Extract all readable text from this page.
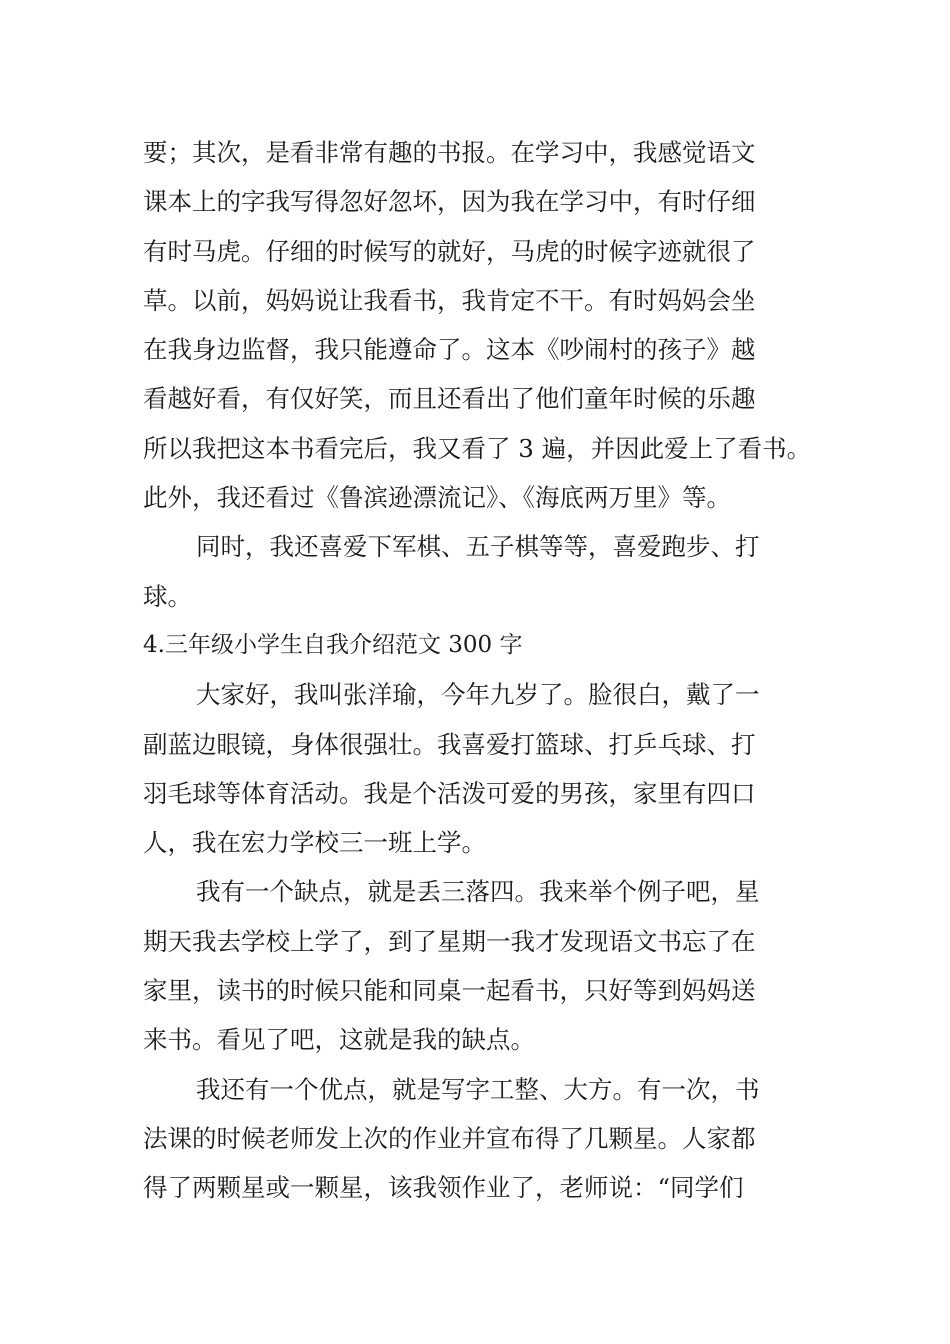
要；其次，是看非常有趣的书报。在学习中，我感觉语文
课本上的字我写得忽好忽坏，因为我在学习中，有时仔细
有时马虎。仔细的时候写的就好，马虎的时候字迹就很了
草。以前，妈妈说让我看书，我肯定不干。有时妈妈会坐
在我身边监督，我只能遵命了。这本《吵闹村的孩子》越
看越好看，有仅好笑，而且还看出了他们童年时候的乐趣
所以我把这本书看完后，我又看了 3 遍，并因此爱上了看书。
此外，我还看过《鲁滨逊漂流记》、《海底两万里》等。
同时，我还喜爱下军棋、五子棋等等，喜爱跑步、打
球。
4.三年级小学生自我介绍范文 300 字
大家好，我叫张洋瑜，今年九岁了。脸很白，戴了一
副蓝边眼镜，身体很强壮。我喜爱打篮球、打乒乓球、打
羽毛球等体育活动。我是个活泼可爱的男孩，家里有四口
人，我在宏力学校三一班上学。
我有一个缺点，就是丢三落四。我来举个例子吧，星
期天我去学校上学了，到了星期一我才发现语文书忘了在
家里，读书的时候只能和同桌一起看书，只好等到妈妈送
来书。看见了吧，这就是我的缺点。
我还有一个优点，就是写字工整、大方。有一次，书
法课的时候老师发上次的作业并宣布得了几颗星。人家都
得了两颗星或一颗星，该我领作业了，老师说：“同学们
